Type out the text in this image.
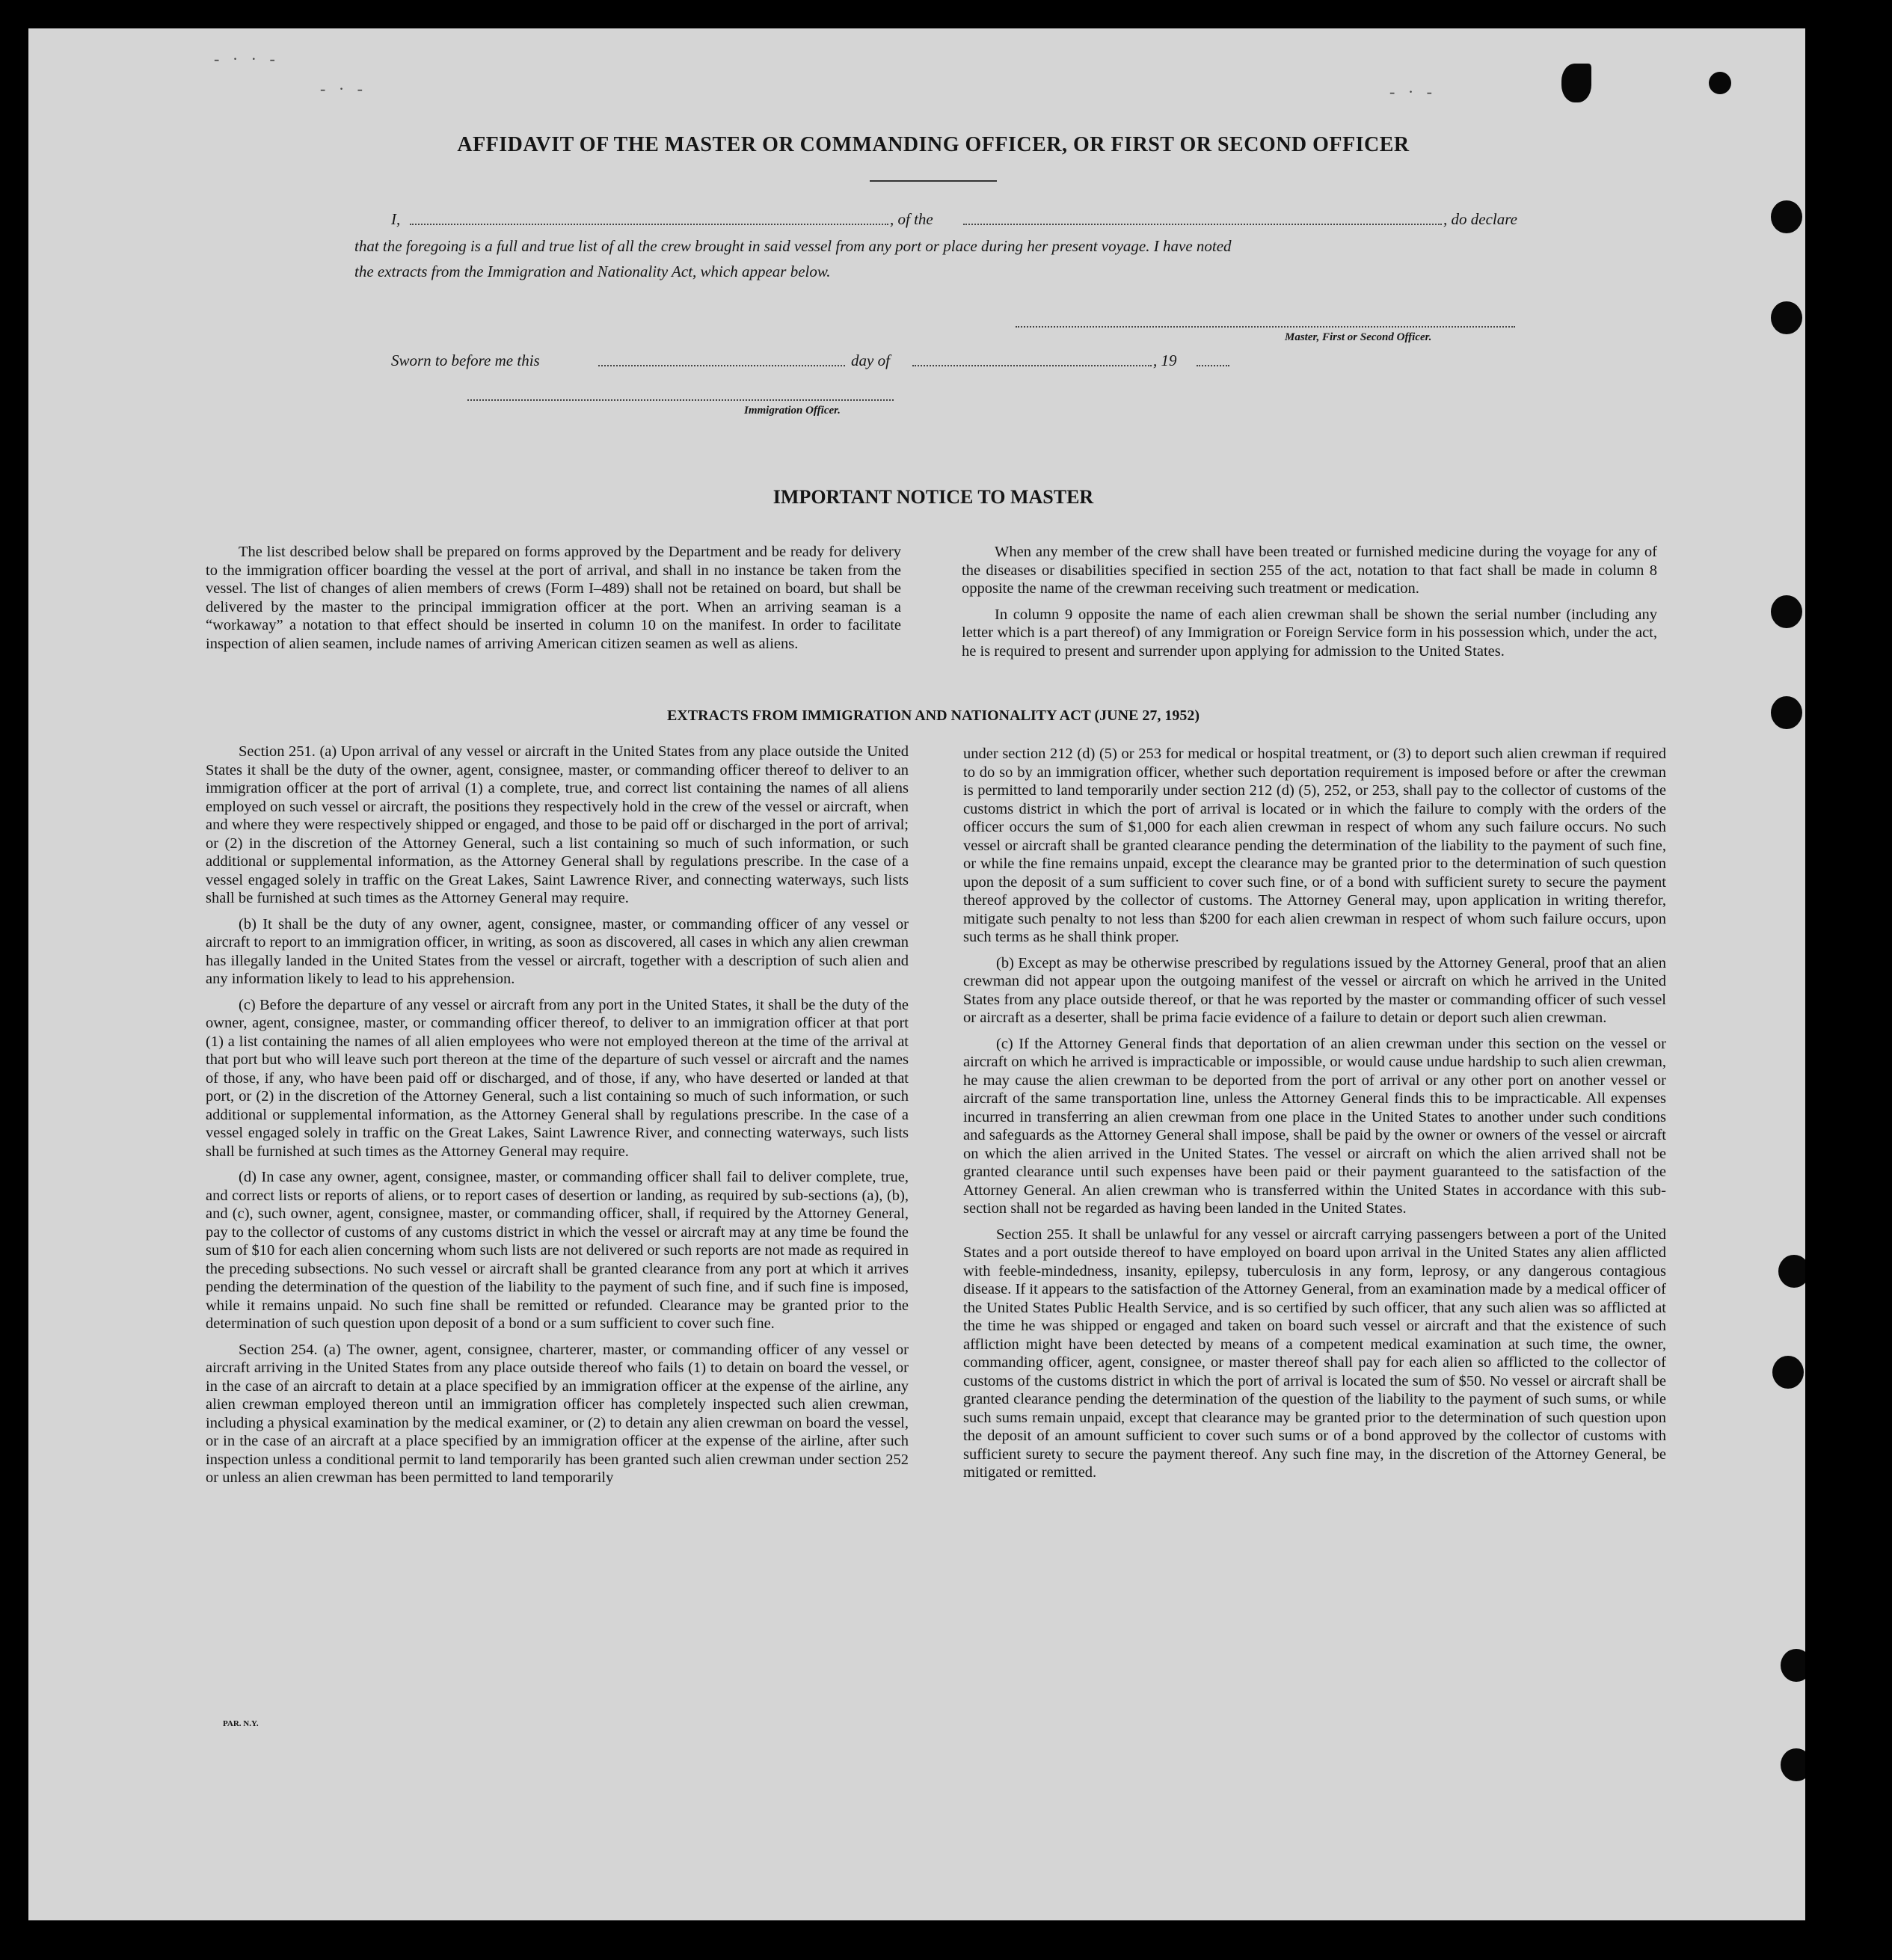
- · · -
- · -	- · -
AFFIDAVIT OF THE MASTER OR COMMANDING OFFICER, OR FIRST OR SECOND OFFICER
I,	, of the	, do declare
that the foregoing is a full and true list of all the crew brought in said vessel from any port or place during her present voyage. I have noted
the extracts from the Immigration and Nationality Act, which appear below.
Master, First or Second Officer.
Sworn to before me this	day of	, 19
Immigration Officer.
IMPORTANT NOTICE TO MASTER

The list described below shall be prepared on forms approved by the Department and be ready for delivery to the immigration officer boarding the vessel at the port of arrival, and shall in no instance be taken from the vessel. The list of changes of alien members of crews (Form I–489) shall not be retained on board, but shall be delivered by the master to the principal immigration officer at the port. When an arriving seaman is a “workaway” a notation to that effect should be inserted in column 10 on the manifest. In order to facilitate inspection of alien seamen, include names of arriving American citizen seamen as well as aliens.

When any member of the crew shall have been treated or furnished medicine during the voyage for any of the diseases or disabilities specified in section 255 of the act, notation to that fact shall be made in column 8 opposite the name of the crewman receiving such treatment or medication.

In column 9 opposite the name of each alien crewman shall be shown the serial number (including any letter which is a part thereof) of any Immigration or Foreign Service form in his possession which, under the act, he is required to present and surrender upon applying for admission to the United States.

EXTRACTS FROM IMMIGRATION AND NATIONALITY ACT (JUNE 27, 1952)

Section 251. (a) Upon arrival of any vessel or aircraft in the United States from any place outside the United States it shall be the duty of the owner, agent, consignee, master, or commanding officer thereof to deliver to an immigration officer at the port of arrival (1) a complete, true, and correct list containing the names of all aliens employed on such vessel or aircraft, the positions they respectively hold in the crew of the vessel or aircraft, when and where they were respectively shipped or engaged, and those to be paid off or discharged in the port of arrival; or (2) in the discretion of the Attorney General, such a list containing so much of such information, or such additional or supplemental information, as the Attorney General shall by regulations prescribe. In the case of a vessel engaged solely in traffic on the Great Lakes, Saint Lawrence River, and connecting waterways, such lists shall be furnished at such times as the Attorney General may require.

(b) It shall be the duty of any owner, agent, consignee, master, or commanding officer of any vessel or aircraft to report to an immigration officer, in writing, as soon as discovered, all cases in which any alien crewman has illegally landed in the United States from the vessel or aircraft, together with a description of such alien and any information likely to lead to his apprehension.

(c) Before the departure of any vessel or aircraft from any port in the United States, it shall be the duty of the owner, agent, consignee, master, or commanding officer thereof, to deliver to an immigration officer at that port (1) a list containing the names of all alien employees who were not employed thereon at the time of the arrival at that port but who will leave such port thereon at the time of the departure of such vessel or aircraft and the names of those, if any, who have been paid off or discharged, and of those, if any, who have deserted or landed at that port, or (2) in the discretion of the Attorney General, such a list containing so much of such information, or such additional or supplemental information, as the Attorney General shall by regulations prescribe. In the case of a vessel engaged solely in traffic on the Great Lakes, Saint Lawrence River, and connecting waterways, such lists shall be furnished at such times as the Attorney General may require.

(d) In case any owner, agent, consignee, master, or commanding officer shall fail to deliver complete, true, and correct lists or reports of aliens, or to report cases of desertion or landing, as required by sub-sections (a), (b), and (c), such owner, agent, consignee, master, or commanding officer, shall, if required by the Attorney General, pay to the collector of customs of any customs district in which the vessel or aircraft may at any time be found the sum of $10 for each alien concerning whom such lists are not delivered or such reports are not made as required in the preceding subsections. No such vessel or aircraft shall be granted clearance from any port at which it arrives pending the determination of the question of the liability to the payment of such fine, and if such fine is imposed, while it remains unpaid. No such fine shall be remitted or refunded. Clearance may be granted prior to the determination of such question upon deposit of a bond or a sum sufficient to cover such fine.

Section 254. (a) The owner, agent, consignee, charterer, master, or commanding officer of any vessel or aircraft arriving in the United States from any place outside thereof who fails (1) to detain on board the vessel, or in the case of an aircraft to detain at a place specified by an immigration officer at the expense of the airline, any alien crewman employed thereon until an immigration officer has completely inspected such alien crewman, including a physical examination by the medical examiner, or (2) to detain any alien crewman on board the vessel, or in the case of an aircraft at a place specified by an immigration officer at the expense of the airline, after such inspection unless a conditional permit to land temporarily has been granted such alien crewman under section 252 or unless an alien crewman has been permitted to land temporarily

under section 212 (d) (5) or 253 for medical or hospital treatment, or (3) to deport such alien crewman if required to do so by an immigration officer, whether such deportation requirement is imposed before or after the crewman is permitted to land temporarily under section 212 (d) (5), 252, or 253, shall pay to the collector of customs of the customs district in which the port of arrival is located or in which the failure to comply with the orders of the officer occurs the sum of $1,000 for each alien crewman in respect of whom any such failure occurs. No such vessel or aircraft shall be granted clearance pending the determination of the liability to the payment of such fine, or while the fine remains unpaid, except the clearance may be granted prior to the determination of such question upon the deposit of a sum sufficient to cover such fine, or of a bond with sufficient surety to secure the payment thereof approved by the collector of customs. The Attorney General may, upon application in writing therefor, mitigate such penalty to not less than $200 for each alien crewman in respect of whom such failure occurs, upon such terms as he shall think proper.

(b) Except as may be otherwise prescribed by regulations issued by the Attorney General, proof that an alien crewman did not appear upon the outgoing manifest of the vessel or aircraft on which he arrived in the United States from any place outside thereof, or that he was reported by the master or commanding officer of such vessel or aircraft as a deserter, shall be prima facie evidence of a failure to detain or deport such alien crewman.

(c) If the Attorney General finds that deportation of an alien crewman under this section on the vessel or aircraft on which he arrived is impracticable or impossible, or would cause undue hardship to such alien crewman, he may cause the alien crewman to be deported from the port of arrival or any other port on another vessel or aircraft of the same transportation line, unless the Attorney General finds this to be impracticable. All expenses incurred in transferring an alien crewman from one place in the United States to another under such conditions and safeguards as the Attorney General shall impose, shall be paid by the owner or owners of the vessel or aircraft on which the alien arrived in the United States. The vessel or aircraft on which the alien arrived shall not be granted clearance until such expenses have been paid or their payment guaranteed to the satisfaction of the Attorney General. An alien crewman who is transferred within the United States in accordance with this sub-section shall not be regarded as having been landed in the United States.

Section 255. It shall be unlawful for any vessel or aircraft carrying passengers between a port of the United States and a port outside thereof to have employed on board upon arrival in the United States any alien afflicted with feeble-mindedness, insanity, epilepsy, tuberculosis in any form, leprosy, or any dangerous contagious disease. If it appears to the satisfaction of the Attorney General, from an examination made by a medical officer of the United States Public Health Service, and is so certified by such officer, that any such alien was so afflicted at the time he was shipped or engaged and taken on board such vessel or aircraft and that the existence of such affliction might have been detected by means of a competent medical examination at such time, the owner, commanding officer, agent, consignee, or master thereof shall pay for each alien so afflicted to the collector of customs of the customs district in which the port of arrival is located the sum of $50. No vessel or aircraft shall be granted clearance pending the determination of the question of the liability to the payment of such sums, or while such sums remain unpaid, except that clearance may be granted prior to the determination of such question upon the deposit of an amount sufficient to cover such sums or of a bond approved by the collector of customs with sufficient surety to secure the payment thereof. Any such fine may, in the discretion of the Attorney General, be mitigated or remitted.

PAR. N.Y.
